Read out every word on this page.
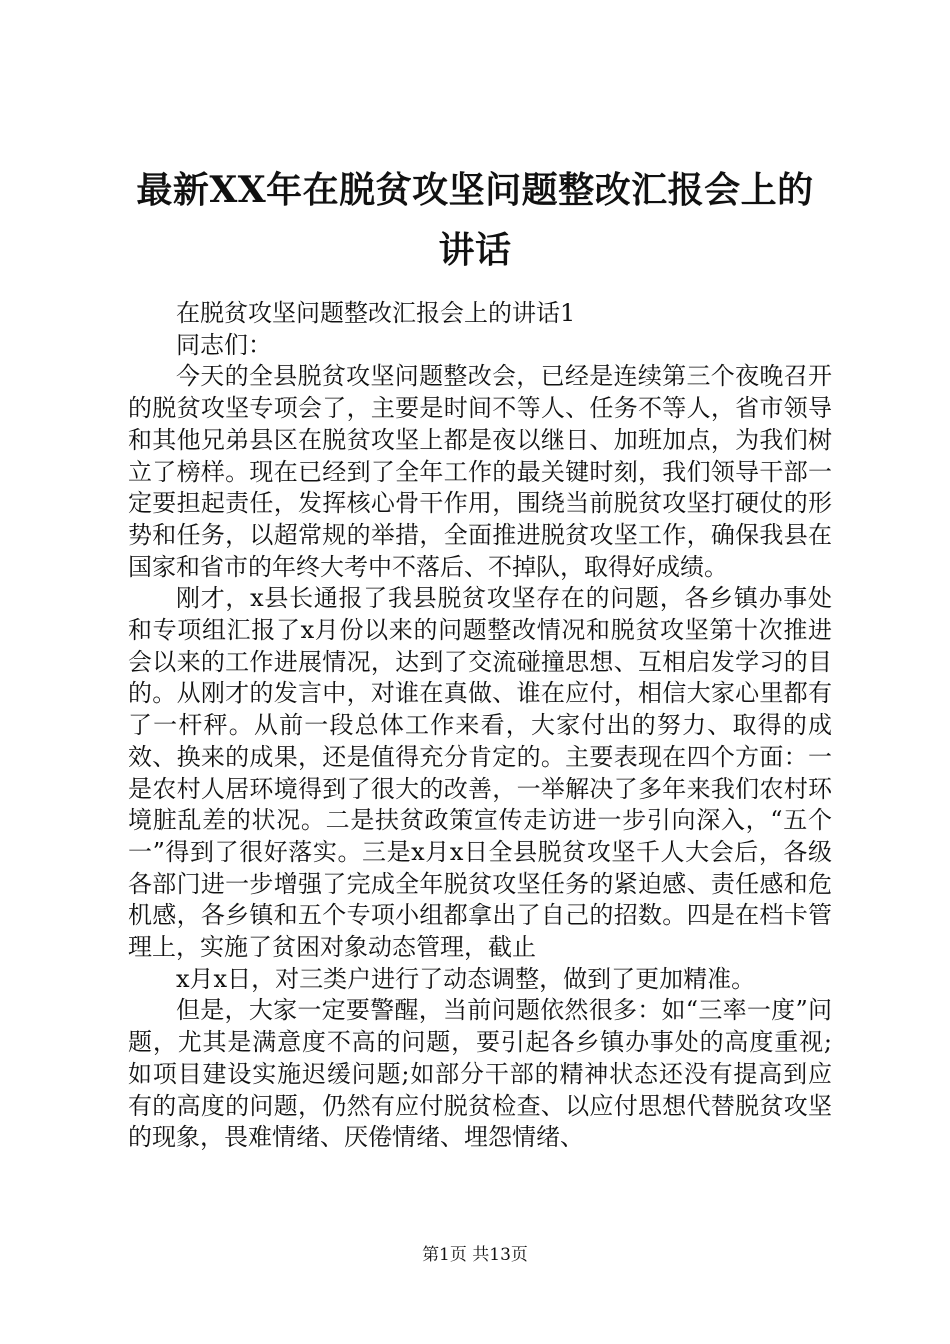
最新XX年在脱贫攻坚问题整改汇报会上的讲话

在脱贫攻坚问题整改汇报会上的讲话1

同志们：

今天的全县脱贫攻坚问题整改会，已经是连续第三个夜晚召开的脱贫攻坚专项会了，主要是时间不等人、任务不等人，省市领导和其他兄弟县区在脱贫攻坚上都是夜以继日、加班加点，为我们树立了榜样。现在已经到了全年工作的最关键时刻，我们领导干部一定要担起责任，发挥核心骨干作用，围绕当前脱贫攻坚打硬仗的形势和任务，以超常规的举措，全面推进脱贫攻坚工作，确保我县在国家和省市的年终大考中不落后、不掉队，取得好成绩。

刚才，x县长通报了我县脱贫攻坚存在的问题，各乡镇办事处和专项组汇报了x月份以来的问题整改情况和脱贫攻坚第十次推进会以来的工作进展情况，达到了交流碰撞思想、互相启发学习的目的。从刚才的发言中，对谁在真做、谁在应付，相信大家心里都有了一杆秤。从前一段总体工作来看，大家付出的努力、取得的成效、换来的成果，还是值得充分肯定的。主要表现在四个方面：一是农村人居环境得到了很大的改善，一举解决了多年来我们农村环境脏乱差的状况。二是扶贫政策宣传走访进一步引向深入，“五个一”得到了很好落实。三是x月x日全县脱贫攻坚千人大会后，各级各部门进一步增强了完成全年脱贫攻坚任务的紧迫感、责任感和危机感，各乡镇和五个专项小组都拿出了自己的招数。四是在档卡管理上，实施了贫困对象动态管理，截止

x月x日，对三类户进行了动态调整，做到了更加精准。

但是，大家一定要警醒，当前问题依然很多：如“三率一度”问题，尤其是满意度不高的问题，要引起各乡镇办事处的高度重视;如项目建设实施迟缓问题;如部分干部的精神状态还没有提高到应有的高度的问题，仍然有应付脱贫检查、以应付思想代替脱贫攻坚的现象，畏难情绪、厌倦情绪、埋怨情绪、

第1页 共13页
